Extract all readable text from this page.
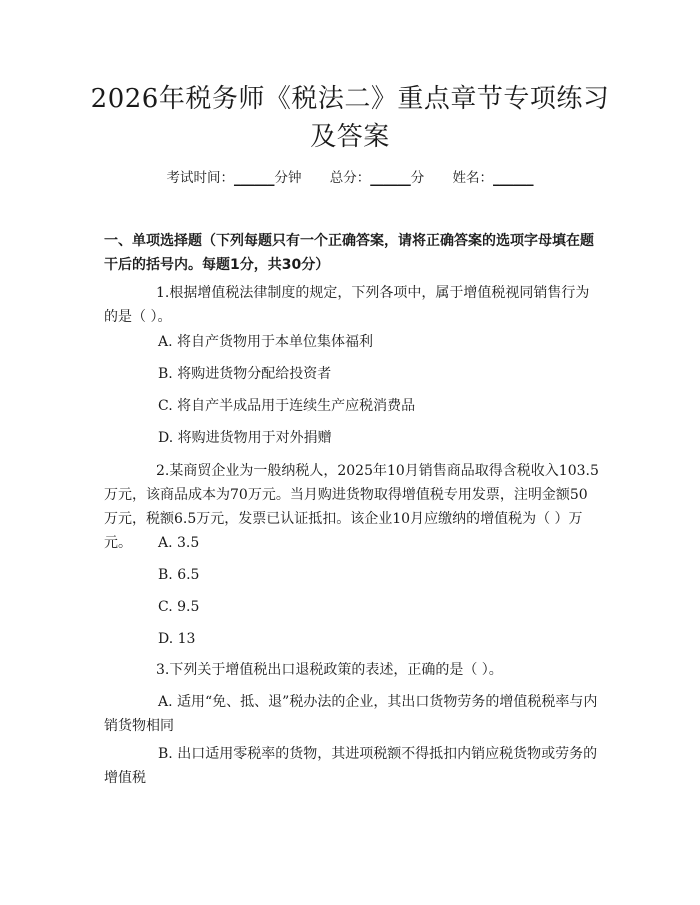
2026年税务师《税法二》重点章节专项练习及答案
考试时间：______分钟 总分：______分 姓名：______
一、单项选择题（下列每题只有一个正确答案，请将正确答案的选项字母填在题干后的括号内。每题1分，共30分）

1.根据增值税法律制度的规定，下列各项中，属于增值税视同销售行为的是（ ）。

A. 将自产货物用于本单位集体福利

B. 将购进货物分配给投资者

C. 将自产半成品用于连续生产应税消费品

D. 将购进货物用于对外捐赠

2.某商贸企业为一般纳税人，2025年10月销售商品取得含税收入103.5万元，该商品成本为70万元。当月购进货物取得增值税专用发票，注明金额50万元，税额6.5万元，发票已认证抵扣。该企业10月应缴纳的增值税为（ ）万元。	A. 3.5

B. 6.5

C. 9.5

D. 13

3.下列关于增值税出口退税政策的表述，正确的是（ ）。

A. 适用“免、抵、退”税办法的企业，其出口货物劳务的增值税税率与内销货物相同

B. 出口适用零税率的货物，其进项税额不得抵扣内销应税货物或劳务的增值税
